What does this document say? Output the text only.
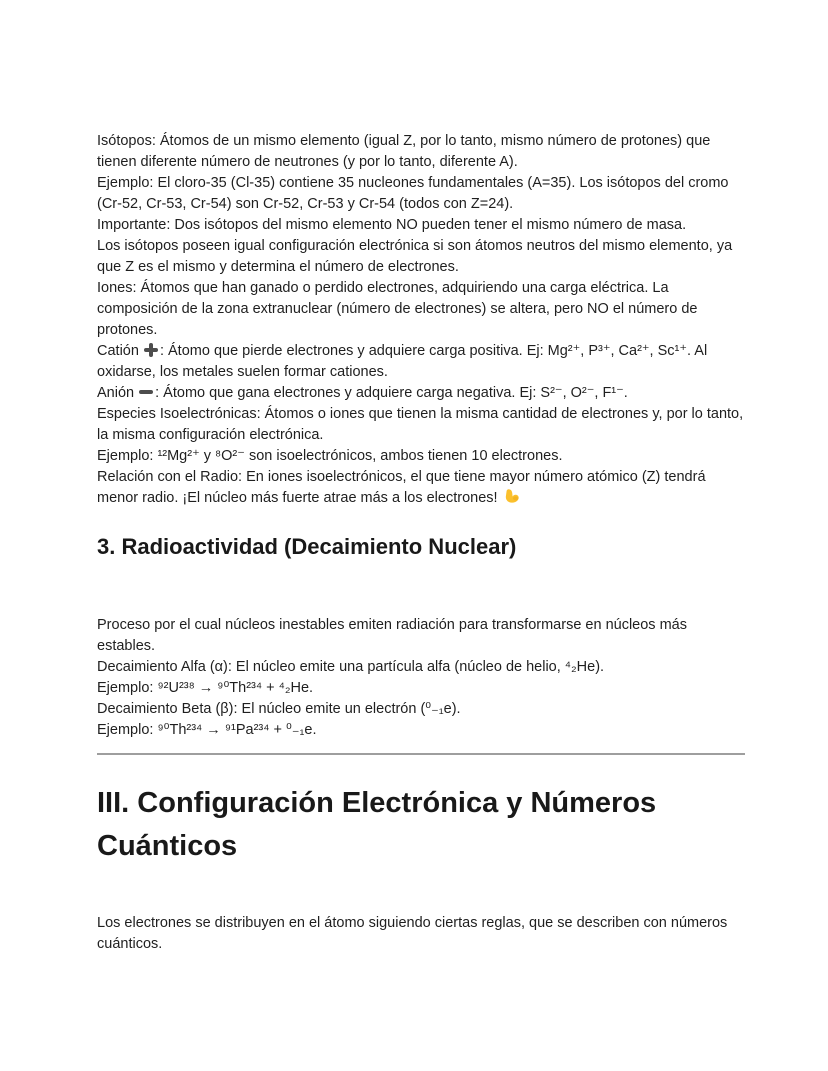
Isótopos: Átomos de un mismo elemento (igual Z, por lo tanto, mismo número de protones) que tienen diferente número de neutrones (y por lo tanto, diferente A).

Ejemplo: El cloro-35 (Cl-35) contiene 35 nucleones fundamentales (A=35). Los isótopos del cromo (Cr-52, Cr-53, Cr-54) son Cr-52, Cr-53 y Cr-54 (todos con Z=24).

Importante: Dos isótopos del mismo elemento NO pueden tener el mismo número de masa.

Los isótopos poseen igual configuración electrónica si son átomos neutros del mismo elemento, ya que Z es el mismo y determina el número de electrones.

Iones: Átomos que han ganado o perdido electrones, adquiriendo una carga eléctrica. La composición de la zona extranuclear (número de electrones) se altera, pero NO el número de protones.

Catión : Átomo que pierde electrones y adquiere carga positiva. Ej: Mg²⁺, P³⁺, Ca²⁺, Sc¹⁺. Al oxidarse, los metales suelen formar cationes.

Anión : Átomo que gana electrones y adquiere carga negativa. Ej: S²⁻, O²⁻, F¹⁻.

Especies Isoelectrónicas: Átomos o iones que tienen la misma cantidad de electrones y, por lo tanto, la misma configuración electrónica.

Ejemplo: ¹²Mg²⁺ y ⁸O²⁻ son isoelectrónicos, ambos tienen 10 electrones.

Relación con el Radio: En iones isoelectrónicos, el que tiene mayor número atómico (Z) tendrá menor radio. ¡El núcleo más fuerte atrae más a los electrones!

3. Radioactividad (Decaimiento Nuclear)

Proceso por el cual núcleos inestables emiten radiación para transformarse en núcleos más estables.

Decaimiento Alfa (α): El núcleo emite una partícula alfa (núcleo de helio, ⁴₂He).

Ejemplo: ⁹²U²³⁸ → ⁹⁰Th²³⁴ + ⁴₂He.

Decaimiento Beta (β): El núcleo emite un electrón (⁰₋₁e).

Ejemplo: ⁹⁰Th²³⁴ → ⁹¹Pa²³⁴ + ⁰₋₁e.

III. Configuración Electrónica y Números Cuánticos

Los electrones se distribuyen en el átomo siguiendo ciertas reglas, que se describen con números cuánticos.
